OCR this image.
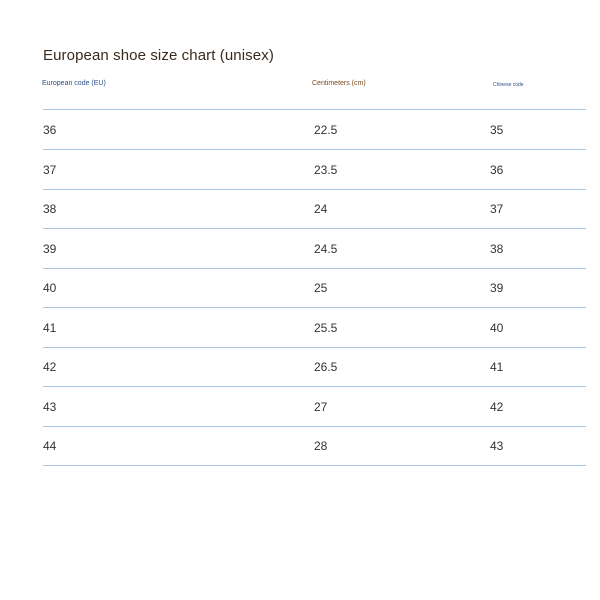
European shoe size chart (unisex)
European code (EU)	Centimeters (cm)	Chinese code
36	22.5	35
37	23.5	36
38	24	37
39	24.5	38
40	25	39
41	25.5	40
42	26.5	41
43	27	42
44	28	43
